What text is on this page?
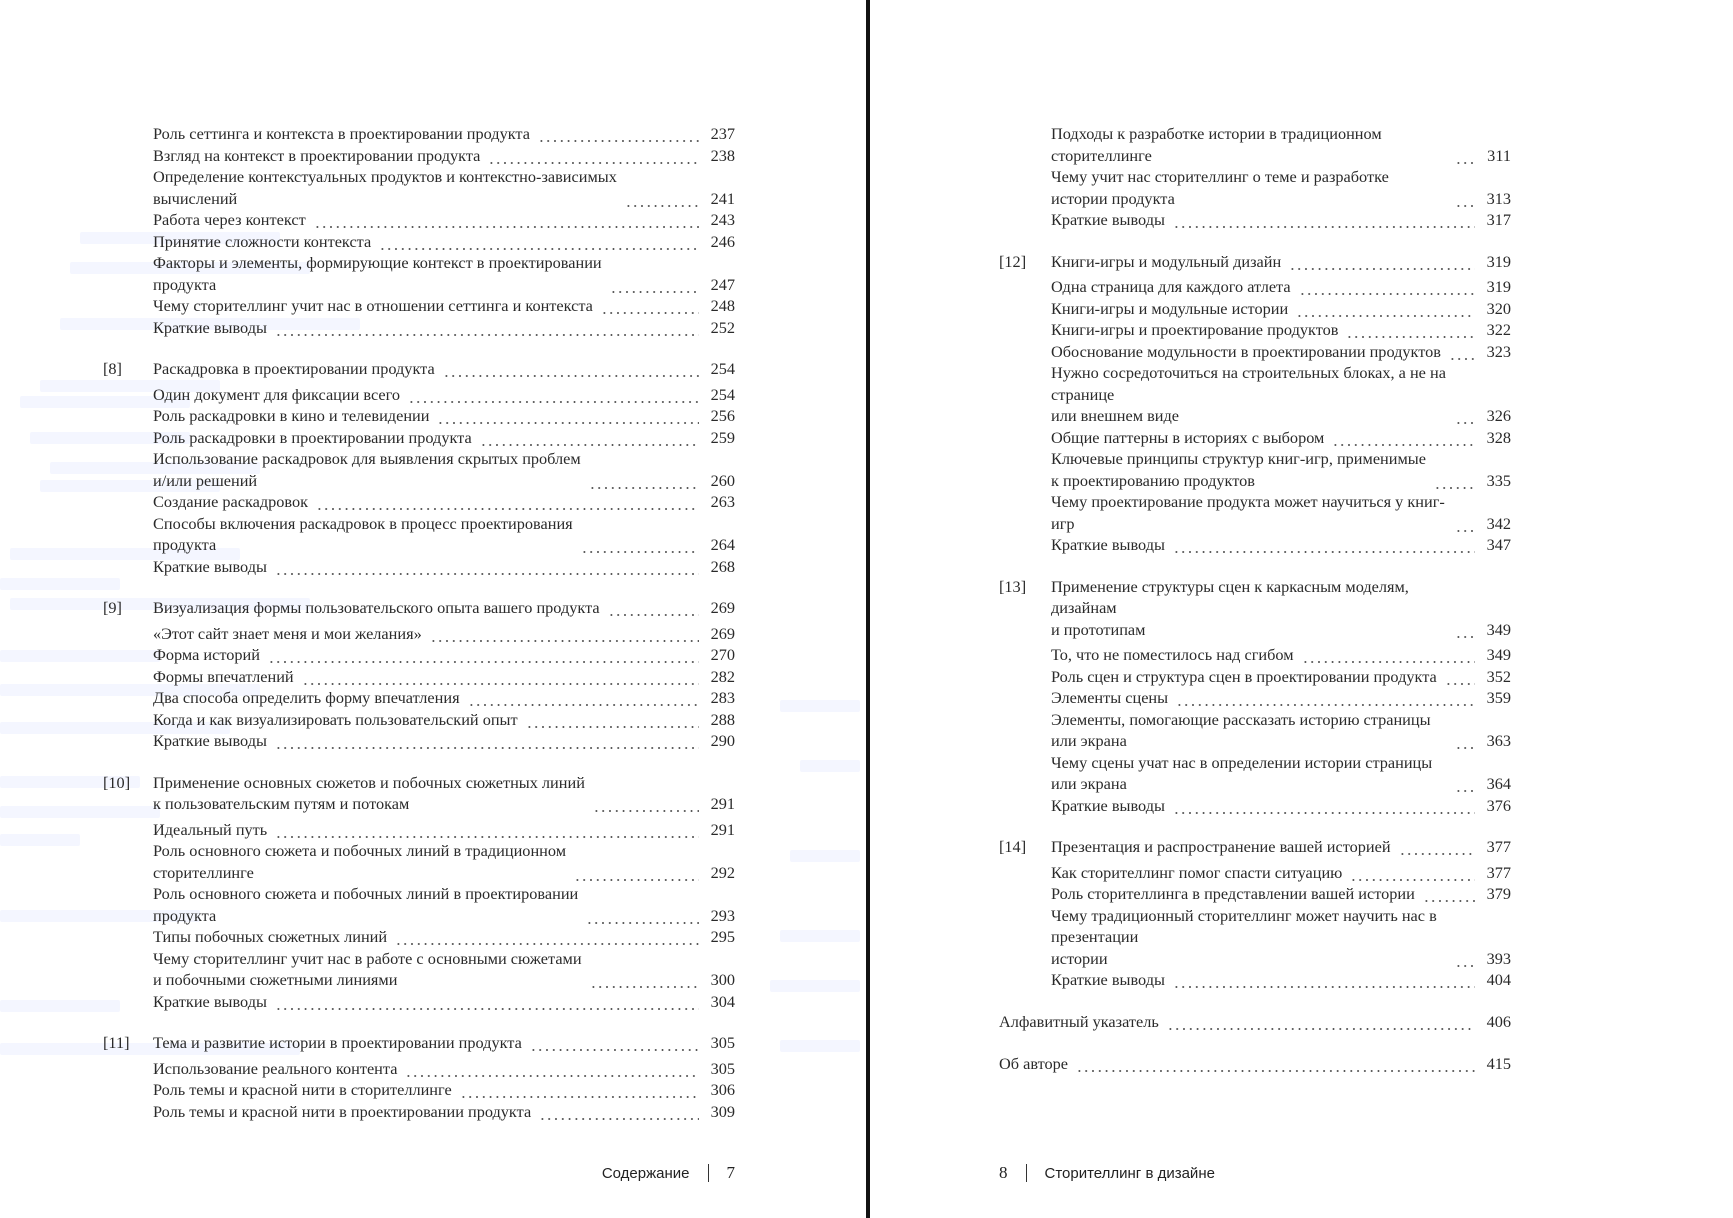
Роль сеттинга и контекста в проектировании продукта	237
Взгляд на контекст в проектировании продукта	238
Определение контекстуальных продуктов и контекстно-зависимых
вычислений	241
Работа через контекст	243
Принятие сложности контекста	246
Факторы и элементы, формирующие контекст в проектировании
продукта	247
Чему сторителлинг учит нас в отношении сеттинга и контекста	248
Краткие выводы	252
[8] Раскадровка в проектировании продукта	254
Один документ для фиксации всего	254
Роль раскадровки в кино и телевидении	256
Роль раскадровки в проектировании продукта	259
Использование раскадровок для выявления скрытых проблем
и/или решений	260
Создание раскадровок	263
Способы включения раскадровок в процесс проектирования
продукта	264
Краткие выводы	268
[9] Визуализация формы пользовательского опыта вашего продукта	269
«Этот сайт знает меня и мои желания»	269
Форма историй	270
Формы впечатлений	282
Два способа определить форму впечатления	283
Когда и как визуализировать пользовательский опыт	288
Краткие выводы	290
[10] Применение основных сюжетов и побочных сюжетных линий
к пользовательским путям и потокам	291
Идеальный путь	291
Роль основного сюжета и побочных линий в традиционном
сторителлинге	292
Роль основного сюжета и побочных линий в проектировании
продукта	293
Типы побочных сюжетных линий	295
Чему сторителлинг учит нас в работе с основными сюжетами
и побочными сюжетными линиями	300
Краткие выводы	304
[11] Тема и развитие истории в проектировании продукта	305
Использование реального контента	305
Роль темы и красной нити в сторителлинге	306
Роль темы и красной нити в проектировании продукта	309
Содержание 7
Подходы к разработке истории в традиционном сторителлинге	311
Чему учит нас сторителлинг о теме и разработке истории продукта	313
Краткие выводы	317
[12] Книги-игры и модульный дизайн	319
Одна страница для каждого атлета	319
Книги-игры и модульные истории	320
Книги-игры и проектирование продуктов	322
Обоснование модульности в проектировании продуктов	323
Нужно сосредоточиться на строительных блоках, а не на странице
или внешнем виде	326
Общие паттерны в историях с выбором	328
Ключевые принципы структур книг-игр, применимые
к проектированию продуктов	335
Чему проектирование продукта может научиться у книг-игр	342
Краткие выводы	347
[13] Применение структуры сцен к каркасным моделям, дизайнам
и прототипам	349
То, что не поместилось над сгибом	349
Роль сцен и структура сцен в проектировании продукта	352
Элементы сцены	359
Элементы, помогающие рассказать историю страницы или экрана	363
Чему сцены учат нас в определении истории страницы или экрана	364
Краткие выводы	376
[14] Презентация и распространение вашей историей	377
Как сторителлинг помог спасти ситуацию	377
Роль сторителлинга в представлении вашей истории	379
Чему традиционный сторителлинг может научить нас в презентации
истории	393
Краткие выводы	404
Алфавитный указатель	406
Об авторе	415
8 Сторителлинг в дизайне
